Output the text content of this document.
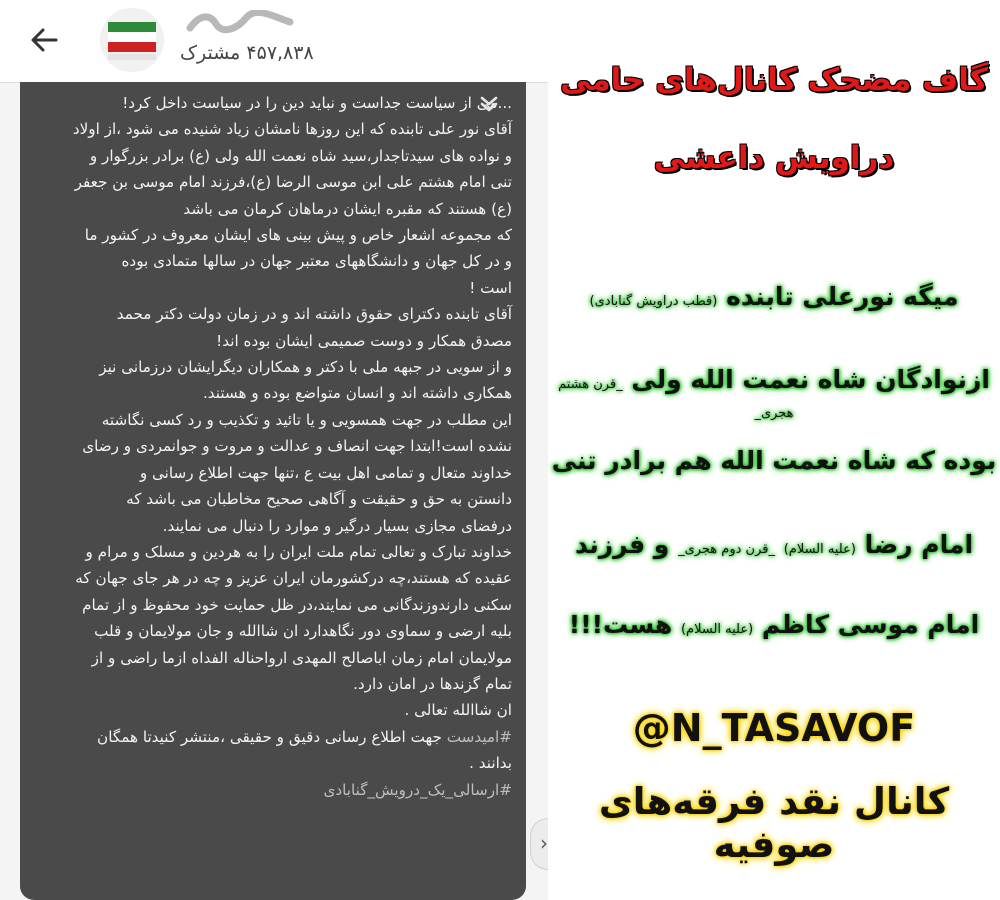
۴۵۷,۸۳۸ مشترک

...می از سیاست جداست و نباید دین را در سیاست داخل کرد!

آقای نور علی تابنده که این روزها نامشان زیاد شنیده می شود ،از اولاد

و نواده های سیدتاجدار،سید شاه نعمت الله ولی (ع) برادر بزرگوار و

تنی امام هشتم علی ابن موسی الرضا (ع)،فرزند امام موسی بن جعفر

(ع) هستند که مقبره ایشان درماهان کرمان می باشد

که مجموعه اشعار خاص و پیش بینی های ایشان معروف در کشور ما

و در کل جهان و دانشگاههای معتبر جهان در سالها متمادی بوده

است !

آقای تابنده دکترای حقوق داشته اند و در زمان دولت دکتر محمد

مصدق همکار و دوست صمیمی ایشان بوده اند!

و از سویی در جبهه ملی با دکتر و همکاران دیگرایشان درزمانی نیز

همکاری داشته اند و انسان متواضع بوده و هستند.

این مطلب در جهت همسویی و یا تائید و تکذیب و رد کسی نگاشته

نشده است!ابتدا جهت انصاف و عدالت و مروت و جوانمردی و رضای

خداوند متعال و تمامی اهل بیت ع ،تنها جهت اطلاع رسانی و

دانستن به حق و حقیقت و آگاهی صحیح مخاطبان می باشد که

درفضای مجازی بسیار درگیر و موارد را دنبال می نمایند.

خداوند تبارک و تعالی تمام ملت ایران را به هردین و مسلک و مرام و

عقیده که هستند،چه درکشورمان ایران عزیز و چه در هر جای جهان که

سکنی دارندوزندگانی می نمایند،در ظل حمایت خود محفوظ و از تمام

بلیه ارضی و سماوی دور نگاهدارد ان شاالله و جان مولایمان و قلب

مولایمان امام زمان اباصالح المهدی ارواحناله الفداه ازما راضی و از

تمام گزندها در امان دارد.

ان شاالله تعالی .

#امیدست جهت اطلاع رسانی دقیق و حقیقی ،منتشر کنیدتا همگان

بدانند .

#ارسالی_یک_درویش_گنابادی

›
گاف مضحک کانال‌های حامی
دراویش داعشی
میگه نورعلی تابنده (قطب دراویش گنابادی)
ازنوادگان شاه نعمت الله ولی _قرن هشتم هجری_
بوده که شاه نعمت الله هم برادر تنی
امام رضا (علیه السلام) _قرن دوم هجری_ و فرزند
امام موسی کاظم (علیه السلام) هست!!!
@N_TASAVOF
کانال نقد فرقه‌های صوفیه
